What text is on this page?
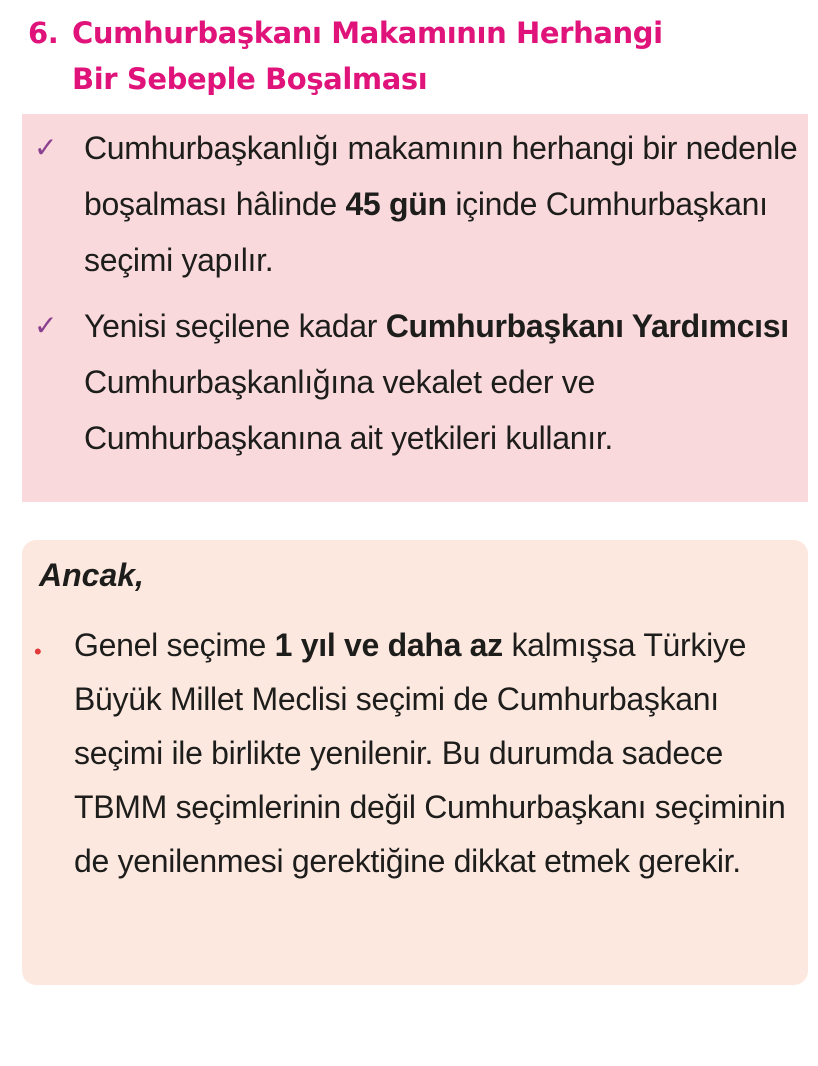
6. Cumhurbaşkanı Makamının Herhangi
Bir Sebeple Boşalması
✓ Cumhurbaşkanlığı makamının herhangi bir nedenle boşalması hâlinde 45 gün içinde Cumhurbaşkanı seçimi yapılır.
✓ Yenisi seçilene kadar Cumhurbaşkanı Yardımcısı Cumhurbaşkanlığına vekalet eder ve Cumhurbaşkanına ait yetkileri kullanır.
Ancak,
• Genel seçime 1 yıl ve daha az kalmışsa Türkiye Büyük Millet Meclisi seçimi de Cumhurbaşkanı seçimi ile birlikte yenilenir. Bu durumda sadece TBMM seçimlerinin değil Cumhurbaşkanı seçiminin de yenilenmesi gerektiğine dikkat etmek gerekir.
